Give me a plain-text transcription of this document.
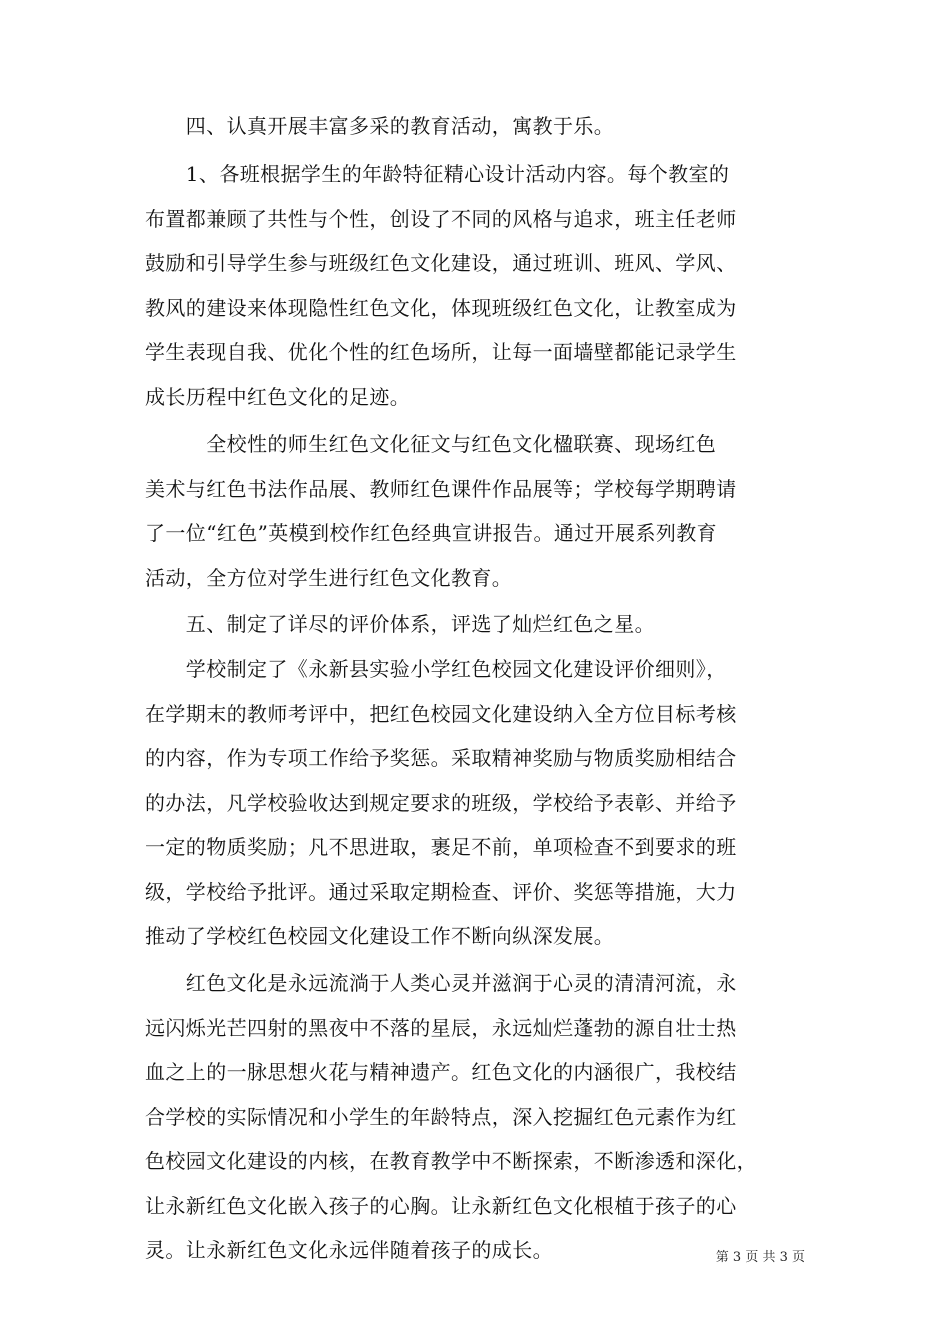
　　四、认真开展丰富多采的教育活动，寓教于乐。
　　1、各班根据学生的年龄特征精心设计活动内容。每个教室的
布置都兼顾了共性与个性，创设了不同的风格与追求，班主任老师
鼓励和引导学生参与班级红色文化建设，通过班训、班风、学风、
教风的建设来体现隐性红色文化，体现班级红色文化，让教室成为
学生表现自我、优化个性的红色场所，让每一面墙壁都能记录学生
成长历程中红色文化的足迹。
　　　全校性的师生红色文化征文与红色文化楹联赛、现场红色
美术与红色书法作品展、教师红色课件作品展等；学校每学期聘请
了一位“红色”英模到校作红色经典宣讲报告。通过开展系列教育
活动，全方位对学生进行红色文化教育。
　　五、制定了详尽的评价体系，评选了灿烂红色之星。
　　学校制定了《永新县实验小学红色校园文化建设评价细则》，
在学期末的教师考评中，把红色校园文化建设纳入全方位目标考核
的内容，作为专项工作给予奖惩。采取精神奖励与物质奖励相结合
的办法，凡学校验收达到规定要求的班级，学校给予表彰、并给予
一定的物质奖励；凡不思进取，裹足不前，单项检查不到要求的班
级，学校给予批评。通过采取定期检查、评价、奖惩等措施，大力
推动了学校红色校园文化建设工作不断向纵深发展。
　　红色文化是永远流淌于人类心灵并滋润于心灵的清清河流，永
远闪烁光芒四射的黑夜中不落的星辰，永远灿烂蓬勃的源自壮士热
血之上的一脉思想火花与精神遗产。红色文化的内涵很广，我校结
合学校的实际情况和小学生的年龄特点，深入挖掘红色元素作为红
色校园文化建设的内核，在教育教学中不断探索，不断渗透和深化，
让永新红色文化嵌入孩子的心胸。让永新红色文化根植于孩子的心
灵。让永新红色文化永远伴随着孩子的成长。	第 3 页 共 3 页
